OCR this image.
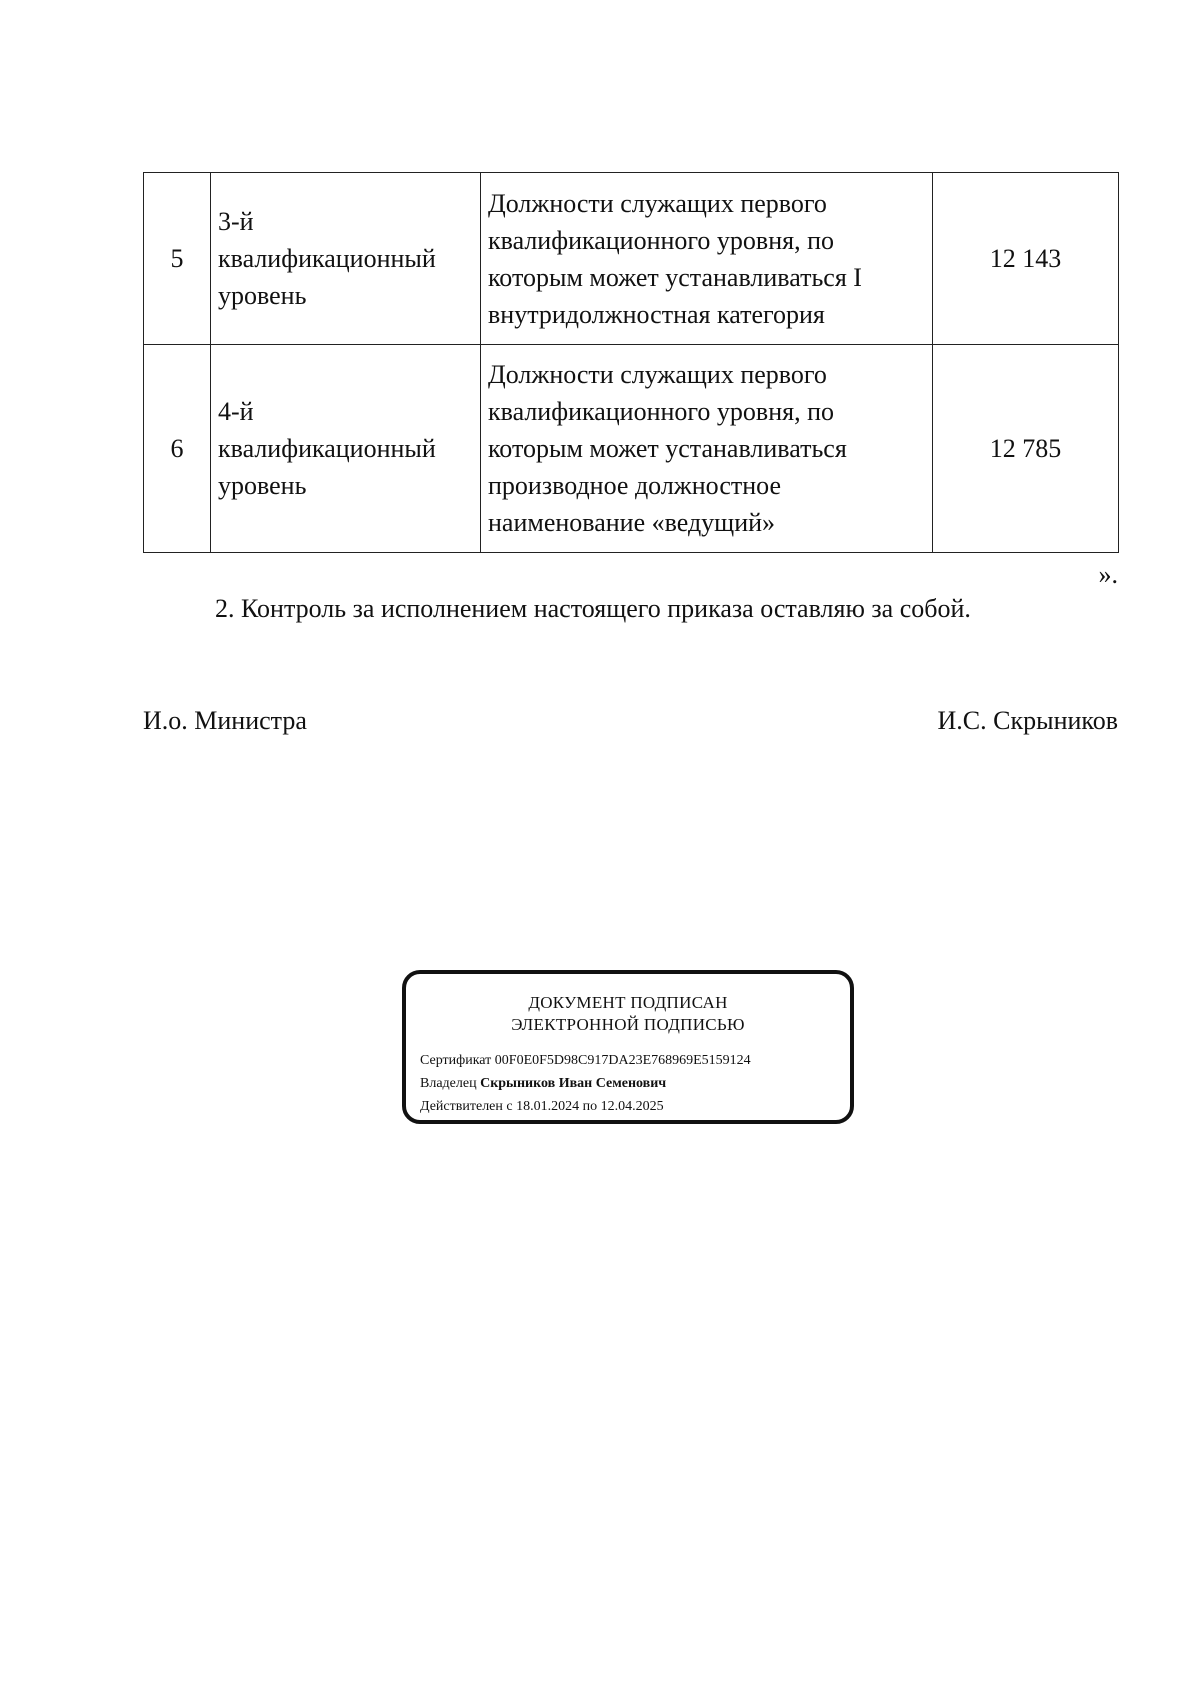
5	3-й
квалификационный
уровень	Должности служащих первого
квалификационного уровня, по
которым может устанавливаться I
внутридолжностная категория	12 143
6	4-й
квалификационный
уровень	Должности служащих первого
квалификационного уровня, по
которым может устанавливаться
производное должностное
наименование «ведущий»	12 785
».
2. Контроль за исполнением настоящего приказа оставляю за собой.
И.о. Министра	И.С. Скрыников
ДОКУМЕНТ ПОДПИСАН
ЭЛЕКТРОННОЙ ПОДПИСЬЮ
Сертификат 00F0E0F5D98C917DA23E768969E5159124
Владелец Скрыников Иван Семенович
Действителен с 18.01.2024 по 12.04.2025
